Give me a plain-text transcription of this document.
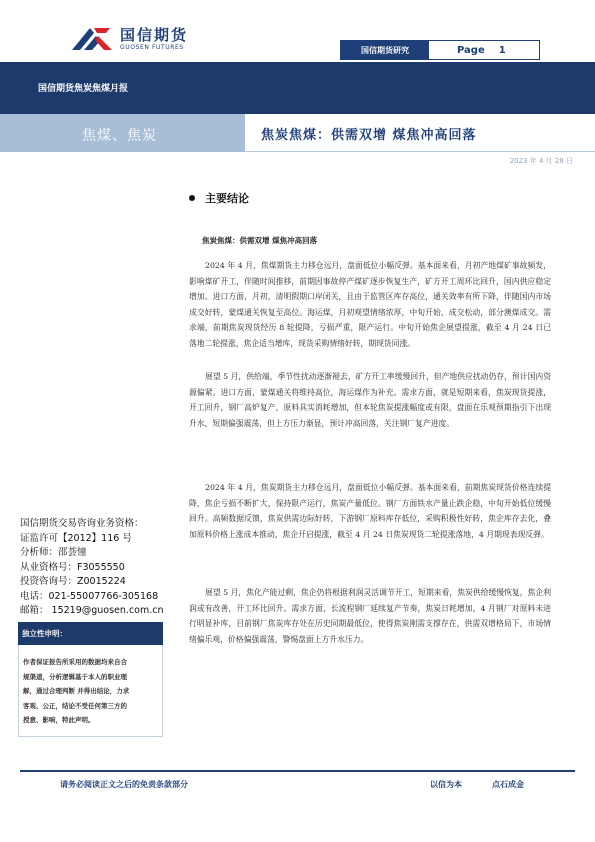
国信期货
GUOSEN FUTURES	国信期货研究	Page 1
国信期货焦炭焦煤月报
焦煤、焦炭	焦炭焦煤：供需双增 煤焦冲高回落
2023 年 4 月 28 日
主要结论
焦炭焦煤：供需双增 煤焦冲高回落

2024 年 4 月，焦煤期货主力移仓远月，盘面低位小幅反弹。基本面来看，月初产地煤矿事故频发，影响煤矿开工，伴随时间推移，前期因事故停产煤矿逐步恢复生产，矿方开工周环比回升，国内供应稳定增加。进口方面，月初，清明假期口岸闭关，且由于监管区库存高位，通关效率有所下降，伴随国内市场成交好转，蒙煤通关恢复至高位。海运煤，月初观望情绪浓厚，中旬开始，成交松动，部分澳煤成交。需求端，前期焦炭现货经历 8 轮提降，亏损严重，限产运行。中旬开始焦企展望提涨，截至 4 月 24 日已落地二轮提涨，焦企适当增库，现货采购情绪好转，期现货同涨。

展望 5 月，供给端，季节性扰动逐渐褪去，矿方开工率缓慢回升，但产地供应扰动仍存，预计国内资源偏紧。进口方面，蒙煤通关将维持高位，海运煤作为补充。需求方面，就是短期来看，焦炭现货提涨，开工回升，钢厂高炉复产，原料具实消耗增加，但本轮焦炭提涨幅度或有限，盘面在乐观预期指引下出现升水，短期偏强震荡，但上方压力渐显，预计冲高回落，关注钢厂复产进度。

2024 年 4 月，焦炭期货主力移仓远月，盘面低位小幅反弹。基本面来看，前期焦炭现货价格连续提降，焦企亏损不断扩大，保持限产运行，焦炭产量低位。钢厂方面铁水产量止跌企稳，中旬开始低位缓慢回升。高频数据反馈，焦炭供需边际好转，下游钢厂原料库存低位，采购积极性好转，焦企库存去化，叠加原料价格上涨成本推动，焦企开启提涨，截至 4 月 24 日焦炭现货二轮提涨落地，4 月期现表现反弹。

展望 5 月，焦化产能过剩，焦企仍将根据利润灵活调节开工，短期来看，焦炭供给缓慢恢复，焦企利润或有改善，开工环比回升。需求方面，长流程钢厂延续复产节奏，焦炭日耗增加，4 月钢厂对原料未进行明显补库，目前钢厂焦炭库存处在历史同期最低位，使得焦炭刚需支撑存在，供需双增格局下，市场情绪偏乐观，价格偏强震荡，警惕盘面上方升水压力。

国信期货交易咨询业务资格：
证监许可【2012】116 号
分析师：邵荟憧
从业资格号：F3055550
投资咨询号：Z0015224
电话：021-55007766-305168
邮箱： 15219@guosen.com.cn
独立性申明：
作者保证报告所采用的数据均来自合
规渠道，分析逻辑基于本人的职业理
解，通过合理判断 并得出结论，力求
客观、公正，结论不受任何第三方的
授意、影响，特此声明。
请务必阅读正文之后的免责条款部分	以信为本	点石成金
